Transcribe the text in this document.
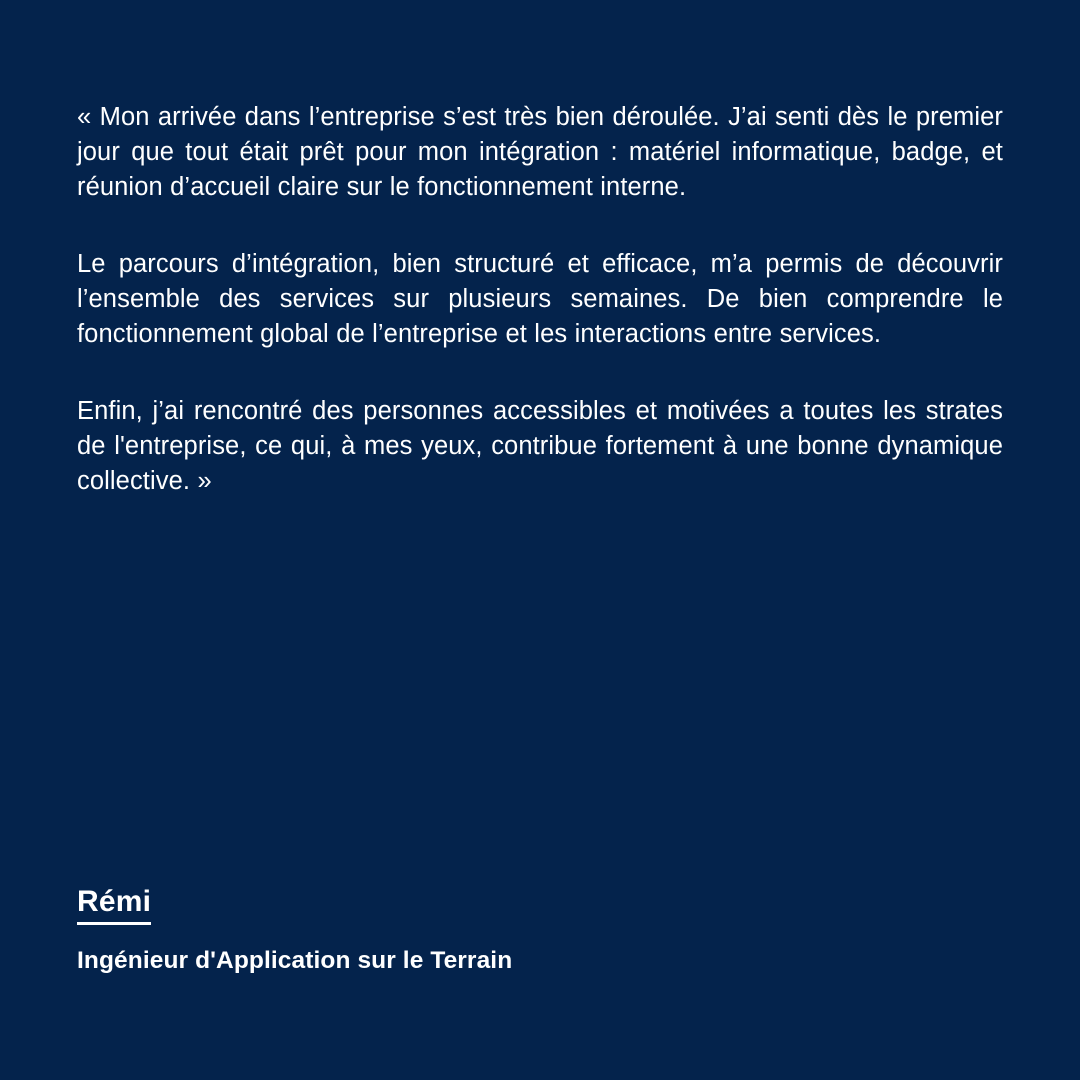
« Mon arrivée dans l’entreprise s’est très bien déroulée. J’ai senti dès le premier jour que tout était prêt pour mon intégration : matériel informatique, badge, et réunion d’accueil claire sur le fonctionnement interne.

Le parcours d’intégration, bien structuré et efficace, m’a permis de découvrir l’ensemble des services sur plusieurs semaines. De bien comprendre le fonctionnement global de l’entreprise et les interactions entre services.

Enfin, j’ai rencontré des personnes accessibles et motivées a toutes les strates de l'entreprise, ce qui, à mes yeux, contribue fortement à une bonne dynamique collective. »

Rémi

Ingénieur d'Application sur le Terrain
